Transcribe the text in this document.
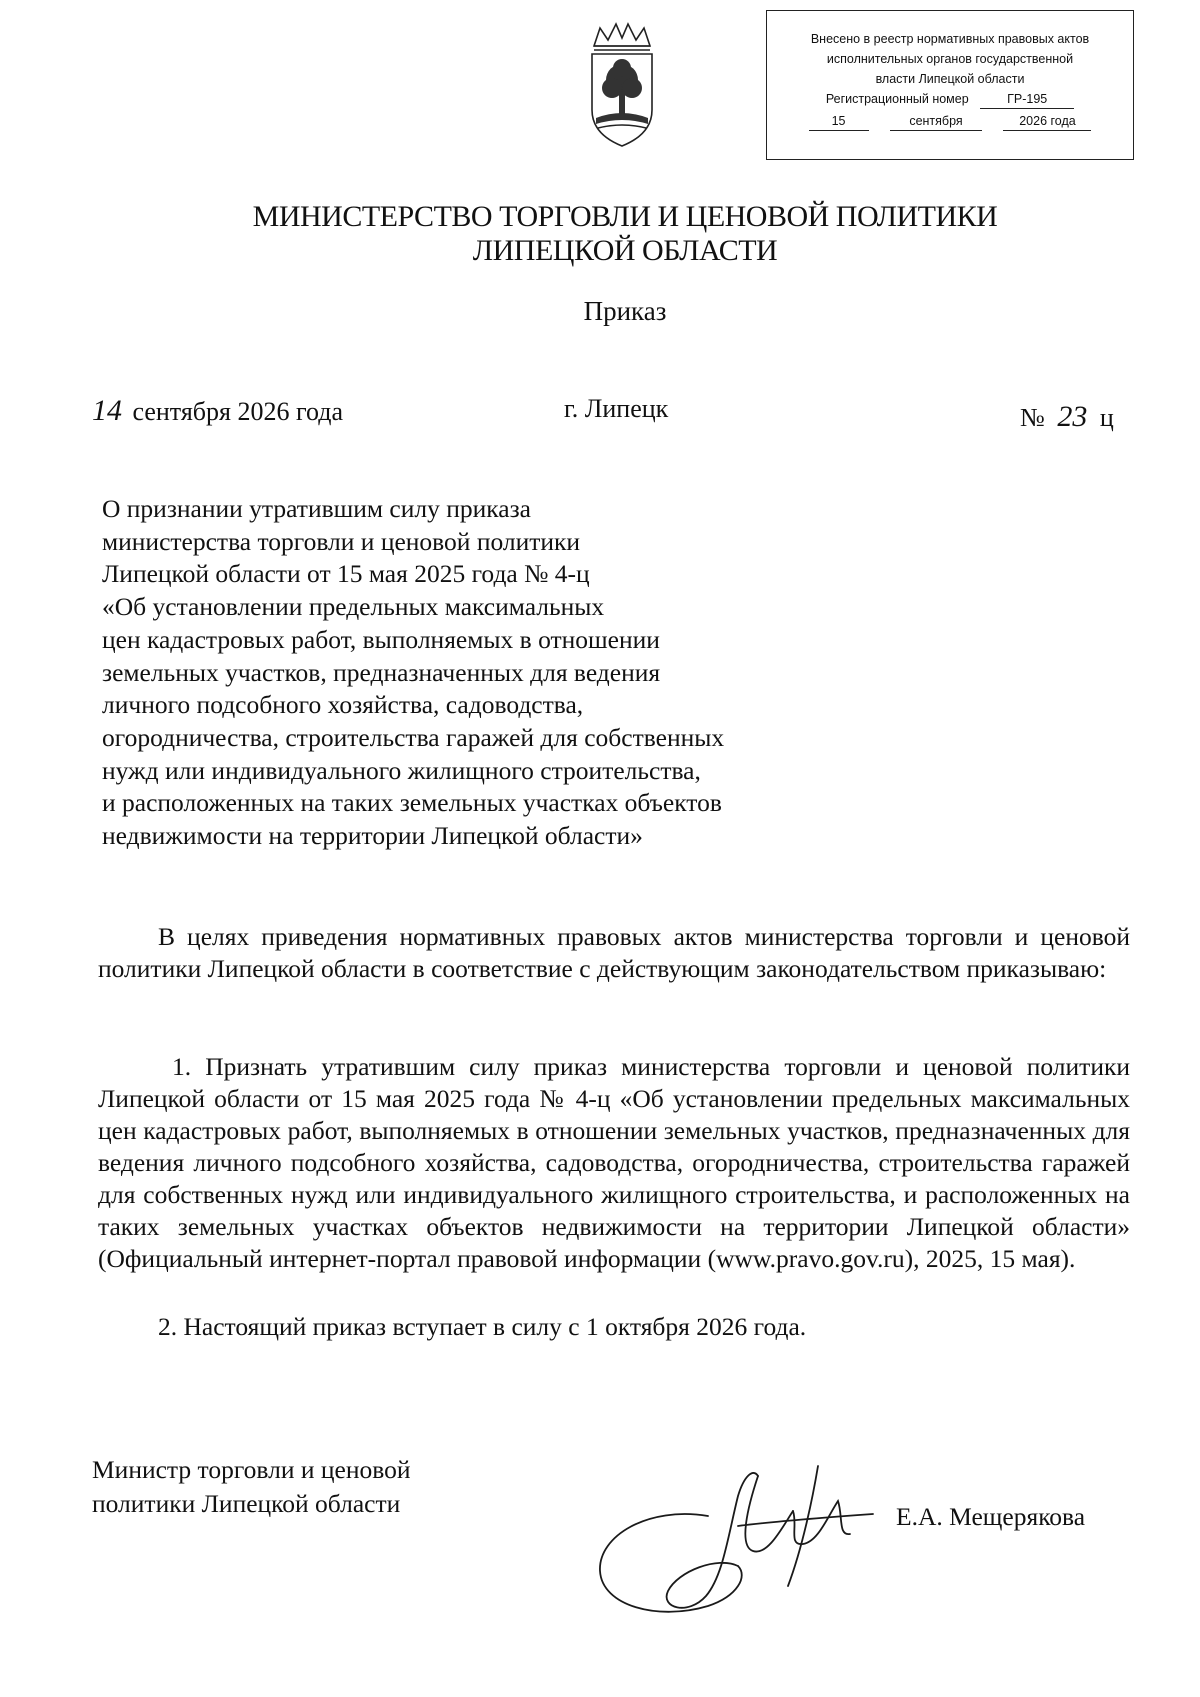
Внесено в реестр нормативных правовых актов
исполнительных органов государственной
власти Липецкой области
Регистрационный номер	ГР-195
15	сентября	2026 года
МИНИСТЕРСТВО ТОРГОВЛИ И ЦЕНОВОЙ ПОЛИТИКИ
ЛИПЕЦКОЙ ОБЛАСТИ
Приказ
14 сентября 2026 года	г. Липецк	№ 23 ц
О признании утратившим силу приказа
министерства торговли и ценовой политики
Липецкой области от 15 мая 2025 года № 4-ц
«Об установлении предельных максимальных
цен кадастровых работ, выполняемых в отношении
земельных участков, предназначенных для ведения
личного подсобного хозяйства, садоводства,
огородничества, строительства гаражей для собственных
нужд или индивидуального жилищного строительства,
и расположенных на таких земельных участках объектов
недвижимости на территории Липецкой области»

В целях приведения нормативных правовых актов министерства торговли и ценовой политики Липецкой области в соответствие с действующим законодательством приказываю:

1. Признать утратившим силу приказ министерства торговли и ценовой политики Липецкой области от 15 мая 2025 года № 4-ц «Об установлении предельных максимальных цен кадастровых работ, выполняемых в отношении земельных участков, предназначенных для ведения личного подсобного хозяйства, садоводства, огородничества, строительства гаражей для собственных нужд или индивидуального жилищного строительства, и расположенных на таких земельных участках объектов недвижимости на территории Липецкой области» (Официальный интернет-портал правовой информации (www.pravo.gov.ru), 2025, 15 мая).

2. Настоящий приказ вступает в силу с 1 октября 2026 года.

Министр торговли и ценовой
политики Липецкой области	Е.А. Мещерякова
